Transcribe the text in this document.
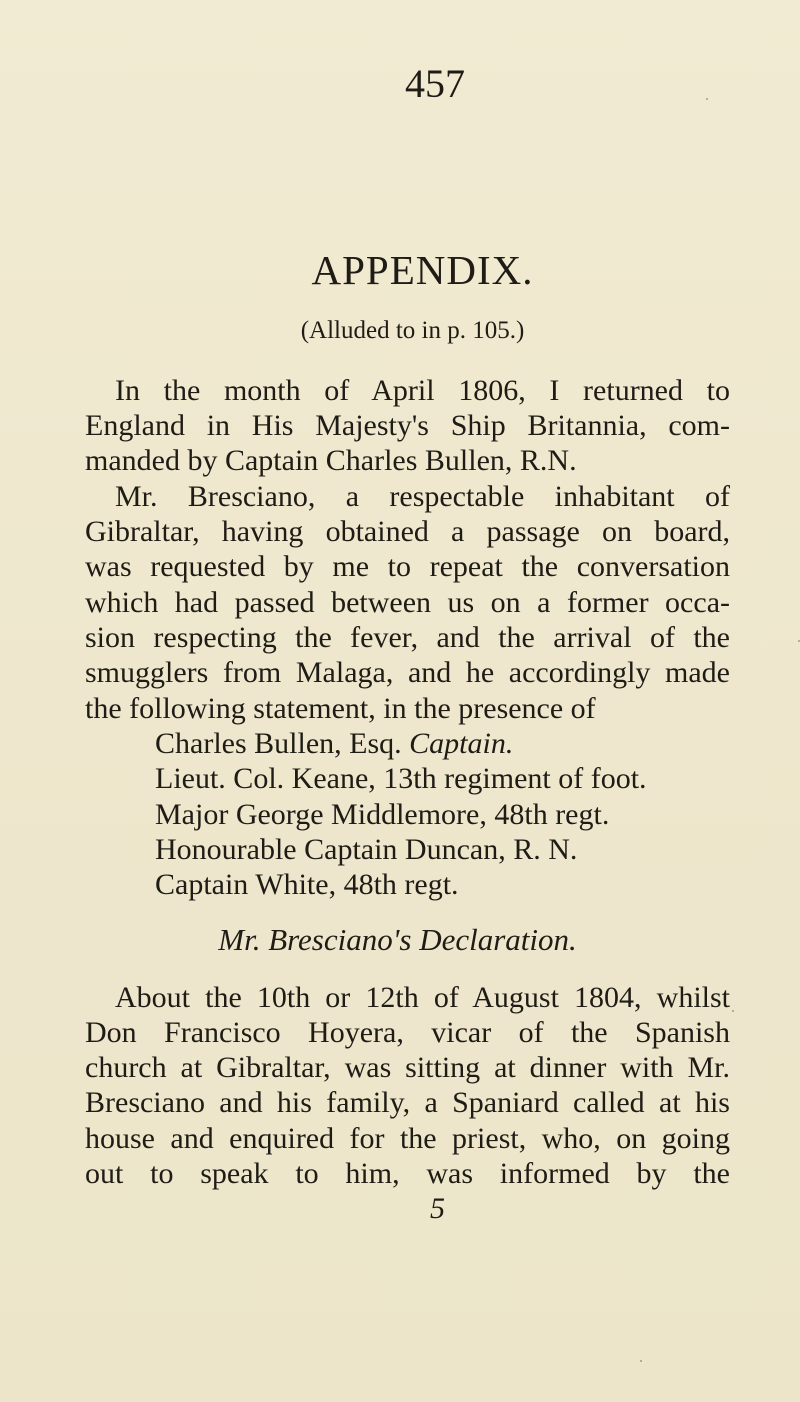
457
APPENDIX.
(Alluded to in p. 105.)
In the month of April 1806, I returned to
England in His Majesty's Ship Britannia, com-
manded by Captain Charles Bullen, R.N.
Mr. Bresciano, a respectable inhabitant of
Gibraltar, having obtained a passage on board,
was requested by me to repeat the conversation
which had passed between us on a former occa-
sion respecting the fever, and the arrival of the
smugglers from Malaga, and he accordingly made
the following statement, in the presence of
Charles Bullen, Esq. Captain.
Lieut. Col. Keane, 13th regiment of foot.
Major George Middlemore, 48th regt.
Honourable Captain Duncan, R. N.
Captain White, 48th regt.
Mr. Bresciano's Declaration.
About the 10th or 12th of August 1804, whilst
Don Francisco Hoyera, vicar of the Spanish
church at Gibraltar, was sitting at dinner with Mr.
Bresciano and his family, a Spaniard called at his
house and enquired for the priest, who, on going
out to speak to him, was informed by the
5
